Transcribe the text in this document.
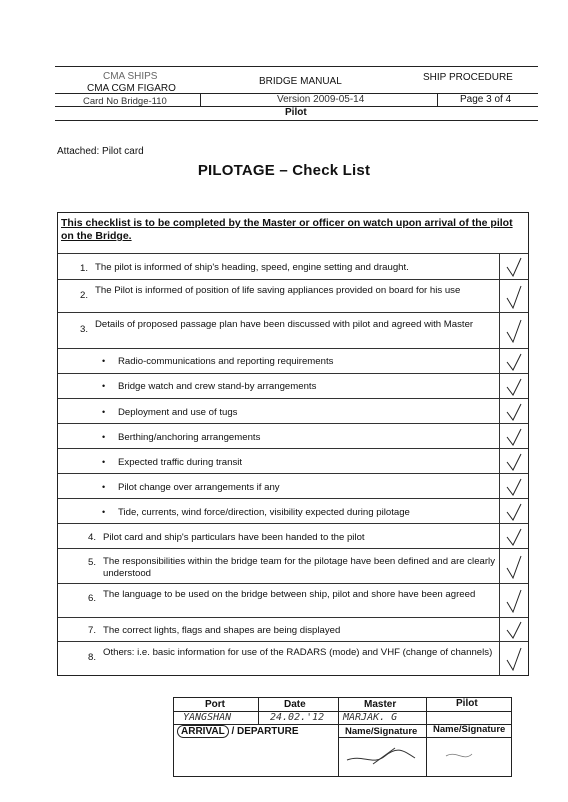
CMA SHIPS
CMA CGM FIGARO
BRIDGE MANUAL	SHIP PROCEDURE
Card No Bridge-110	Version 2009-05-14	Page 3 of 4
Pilot
Attached: Pilot card
PILOTAGE – Check List
This checklist is to be completed by the Master or officer on watch upon arrival of the pilot on the Bridge.
1. The pilot is informed of ship's heading, speed, engine setting and draught.
2. The Pilot is informed of position of life saving appliances provided on board for his use
3. Details of proposed passage plan have been discussed with pilot and agreed with Master
• Radio-communications and reporting requirements
• Bridge watch and crew stand-by arrangements
• Deployment and use of tugs
• Berthing/anchoring arrangements
• Expected traffic during transit
• Pilot change over arrangements if any
• Tide, currents, wind force/direction, visibility expected during pilotage
4. Pilot card and ship's particulars have been handed to the pilot
5. The responsibilities within the bridge team for the pilotage have been defined and are clearly understood
6. The language to be used on the bridge between ship, pilot and shore have been agreed
7. The correct lights, flags and shapes are being displayed
8. Others: i.e. basic information for use of the RADARS (mode) and VHF (change of channels)
Port	Date	Master	Pilot
YANGSHAN	24.02.'12 MARJAK. G
ARRIVAL / DEPARTURE	Name/Signature Name/Signature
